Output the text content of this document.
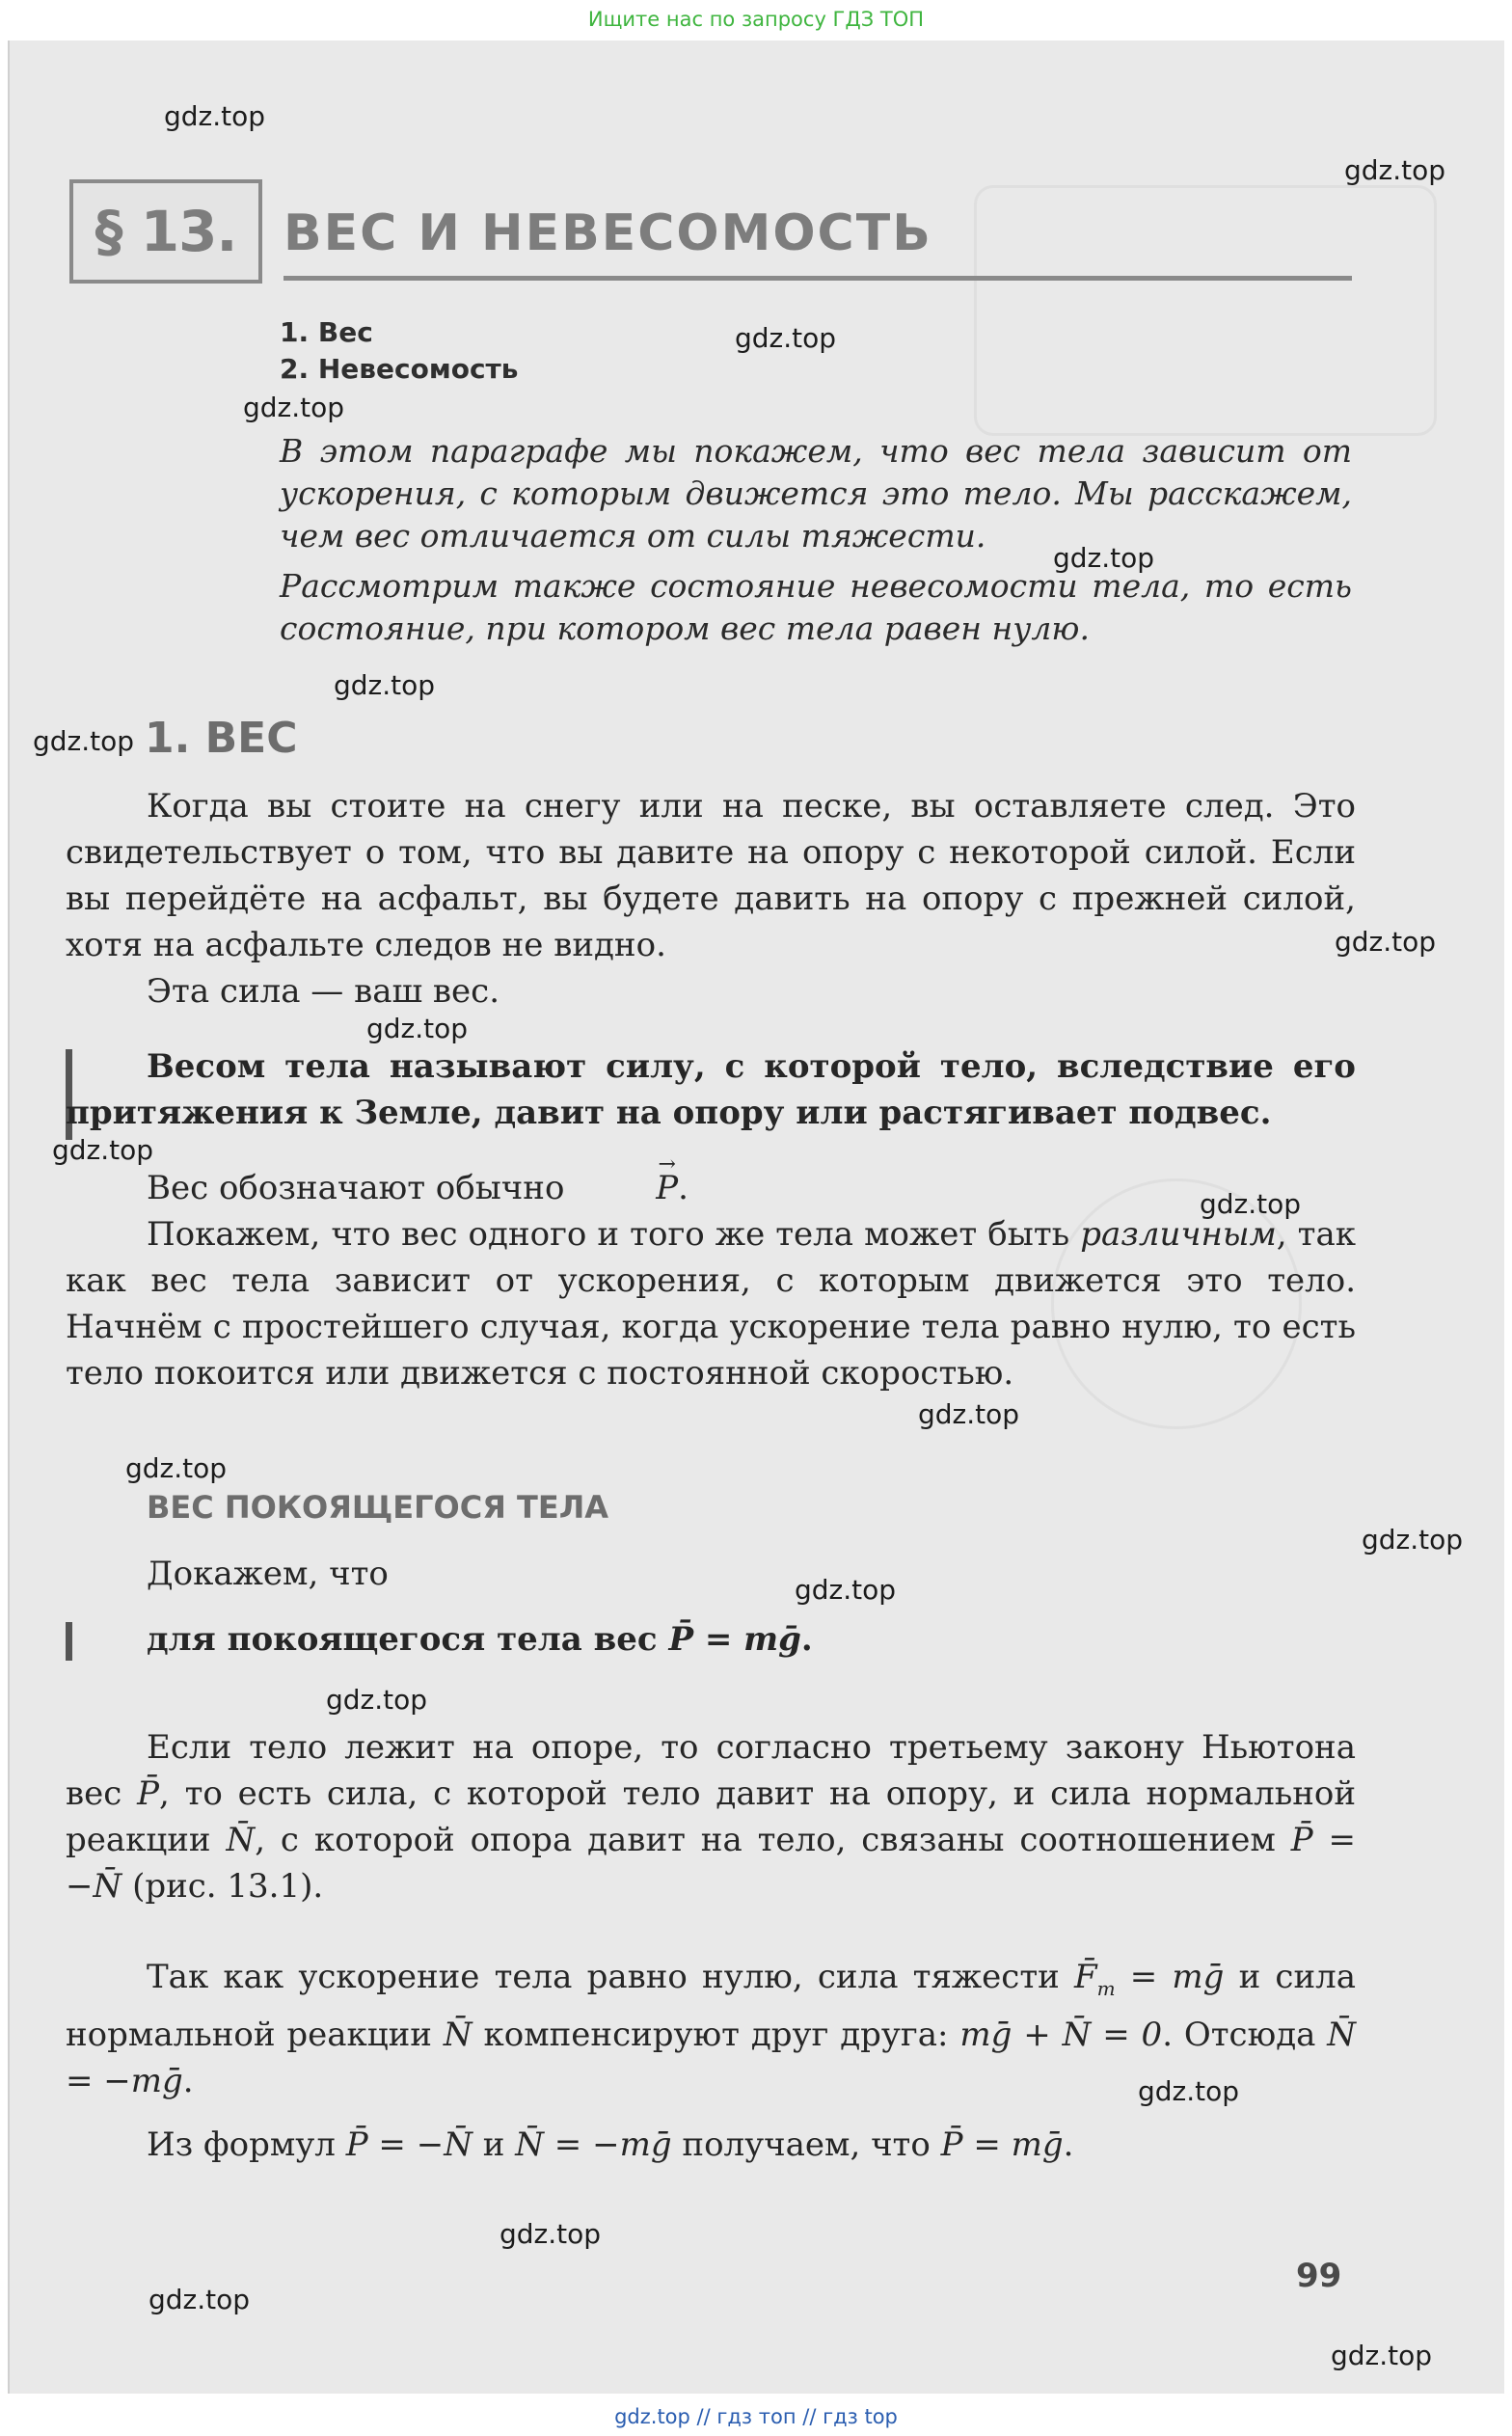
Ищите нас по запросу ГДЗ ТОП
§ 13. ВЕС И НЕВЕСОМОСТЬ
1. Вес
2. Невесомость

В этом параграфе мы покажем, что вес тела зависит от ускорения, с которым движется это тело. Мы расскажем, чем вес отличается от силы тяжести.

Рассмотрим также состояние невесомости тела, то есть состояние, при котором вес тела равен нулю.

1. ВЕС
Когда вы стоите на снегу или на песке, вы оставляете след. Это свидетельствует о том, что вы давите на опору с некоторой силой. Если вы перейдёте на асфальт, вы будете давить на опору с прежней силой, хотя на асфальте следов не видно.
Эта сила — ваш вес.
Весом тела называют силу, с которой тело, вследствие его притяжения к Земле, давит на опору или растягивает подвес.
Вес обозначают обычно →	P.
Покажем, что вес одного и того же тела может быть различным, так как вес тела зависит от ускорения, с которым движется это тело. Начнём с простейшего случая, когда ускорение тела равно нулю, то есть тело покоится или движется с постоянной скоростью.
ВЕС ПОКОЯЩЕГОСЯ ТЕЛА
Докажем, что
для покоящегося тела вес P̄ = mḡ.
Если тело лежит на опоре, то согласно третьему закону Ньютона вес P̄, то есть сила, с которой тело давит на опору, и сила нормальной реакции N̄, с которой опора давит на тело, связаны соотношением P̄ = −N̄ (рис. 13.1).
Так как ускорение тела равно нулю, сила тяжести $F̄_т$ = mḡ и сила нормальной реакции N̄ компенсируют друг друга: mḡ + N̄ = 0. Отсюда N̄ = −mḡ.
Из формул P̄ = −N̄ и N̄ = −mḡ получаем, что P̄ = mḡ.
99
gdz.top
gdz.top
gdz.top
gdz.top
gdz.top
gdz.top
gdz.top
gdz.top
gdz.top
gdz.top
gdz.top
gdz.top
gdz.top
gdz.top
gdz.top
gdz.top
gdz.top
gdz.top
gdz.top
gdz.top
gdz.top // гдз топ // гдз top
